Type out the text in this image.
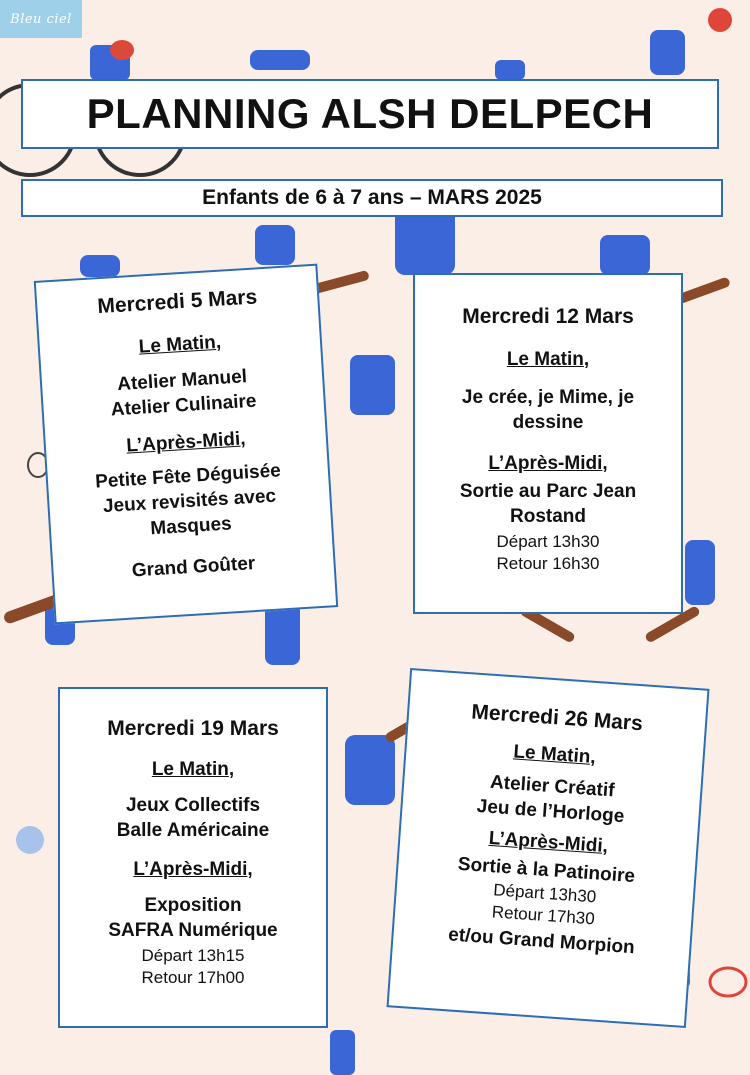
Bleu ciel
PLANNING ALSH DELPECH
Enfants de 6 à 7 ans – MARS 2025
Mercredi 5 Mars
Le Matin,
Atelier Manuel
Atelier Culinaire
L’Après-Midi,
Petite Fête Déguisée
Jeux revisités avec
Masques
Grand Goûter
Mercredi 12 Mars
Le Matin,
Je crée, je Mime, je
dessine
L’Après-Midi,
Sortie au Parc Jean
Rostand
Départ 13h30
Retour 16h30
Mercredi 19 Mars
Le Matin,
Jeux Collectifs
Balle Américaine
L’Après-Midi,
Exposition
SAFRA Numérique
Départ 13h15
Retour 17h00
Mercredi 26 Mars
Le Matin,
Atelier Créatif
Jeu de l’Horloge
L’Après-Midi,
Sortie à la Patinoire
Départ 13h30
Retour 17h30
et/ou Grand Morpion
